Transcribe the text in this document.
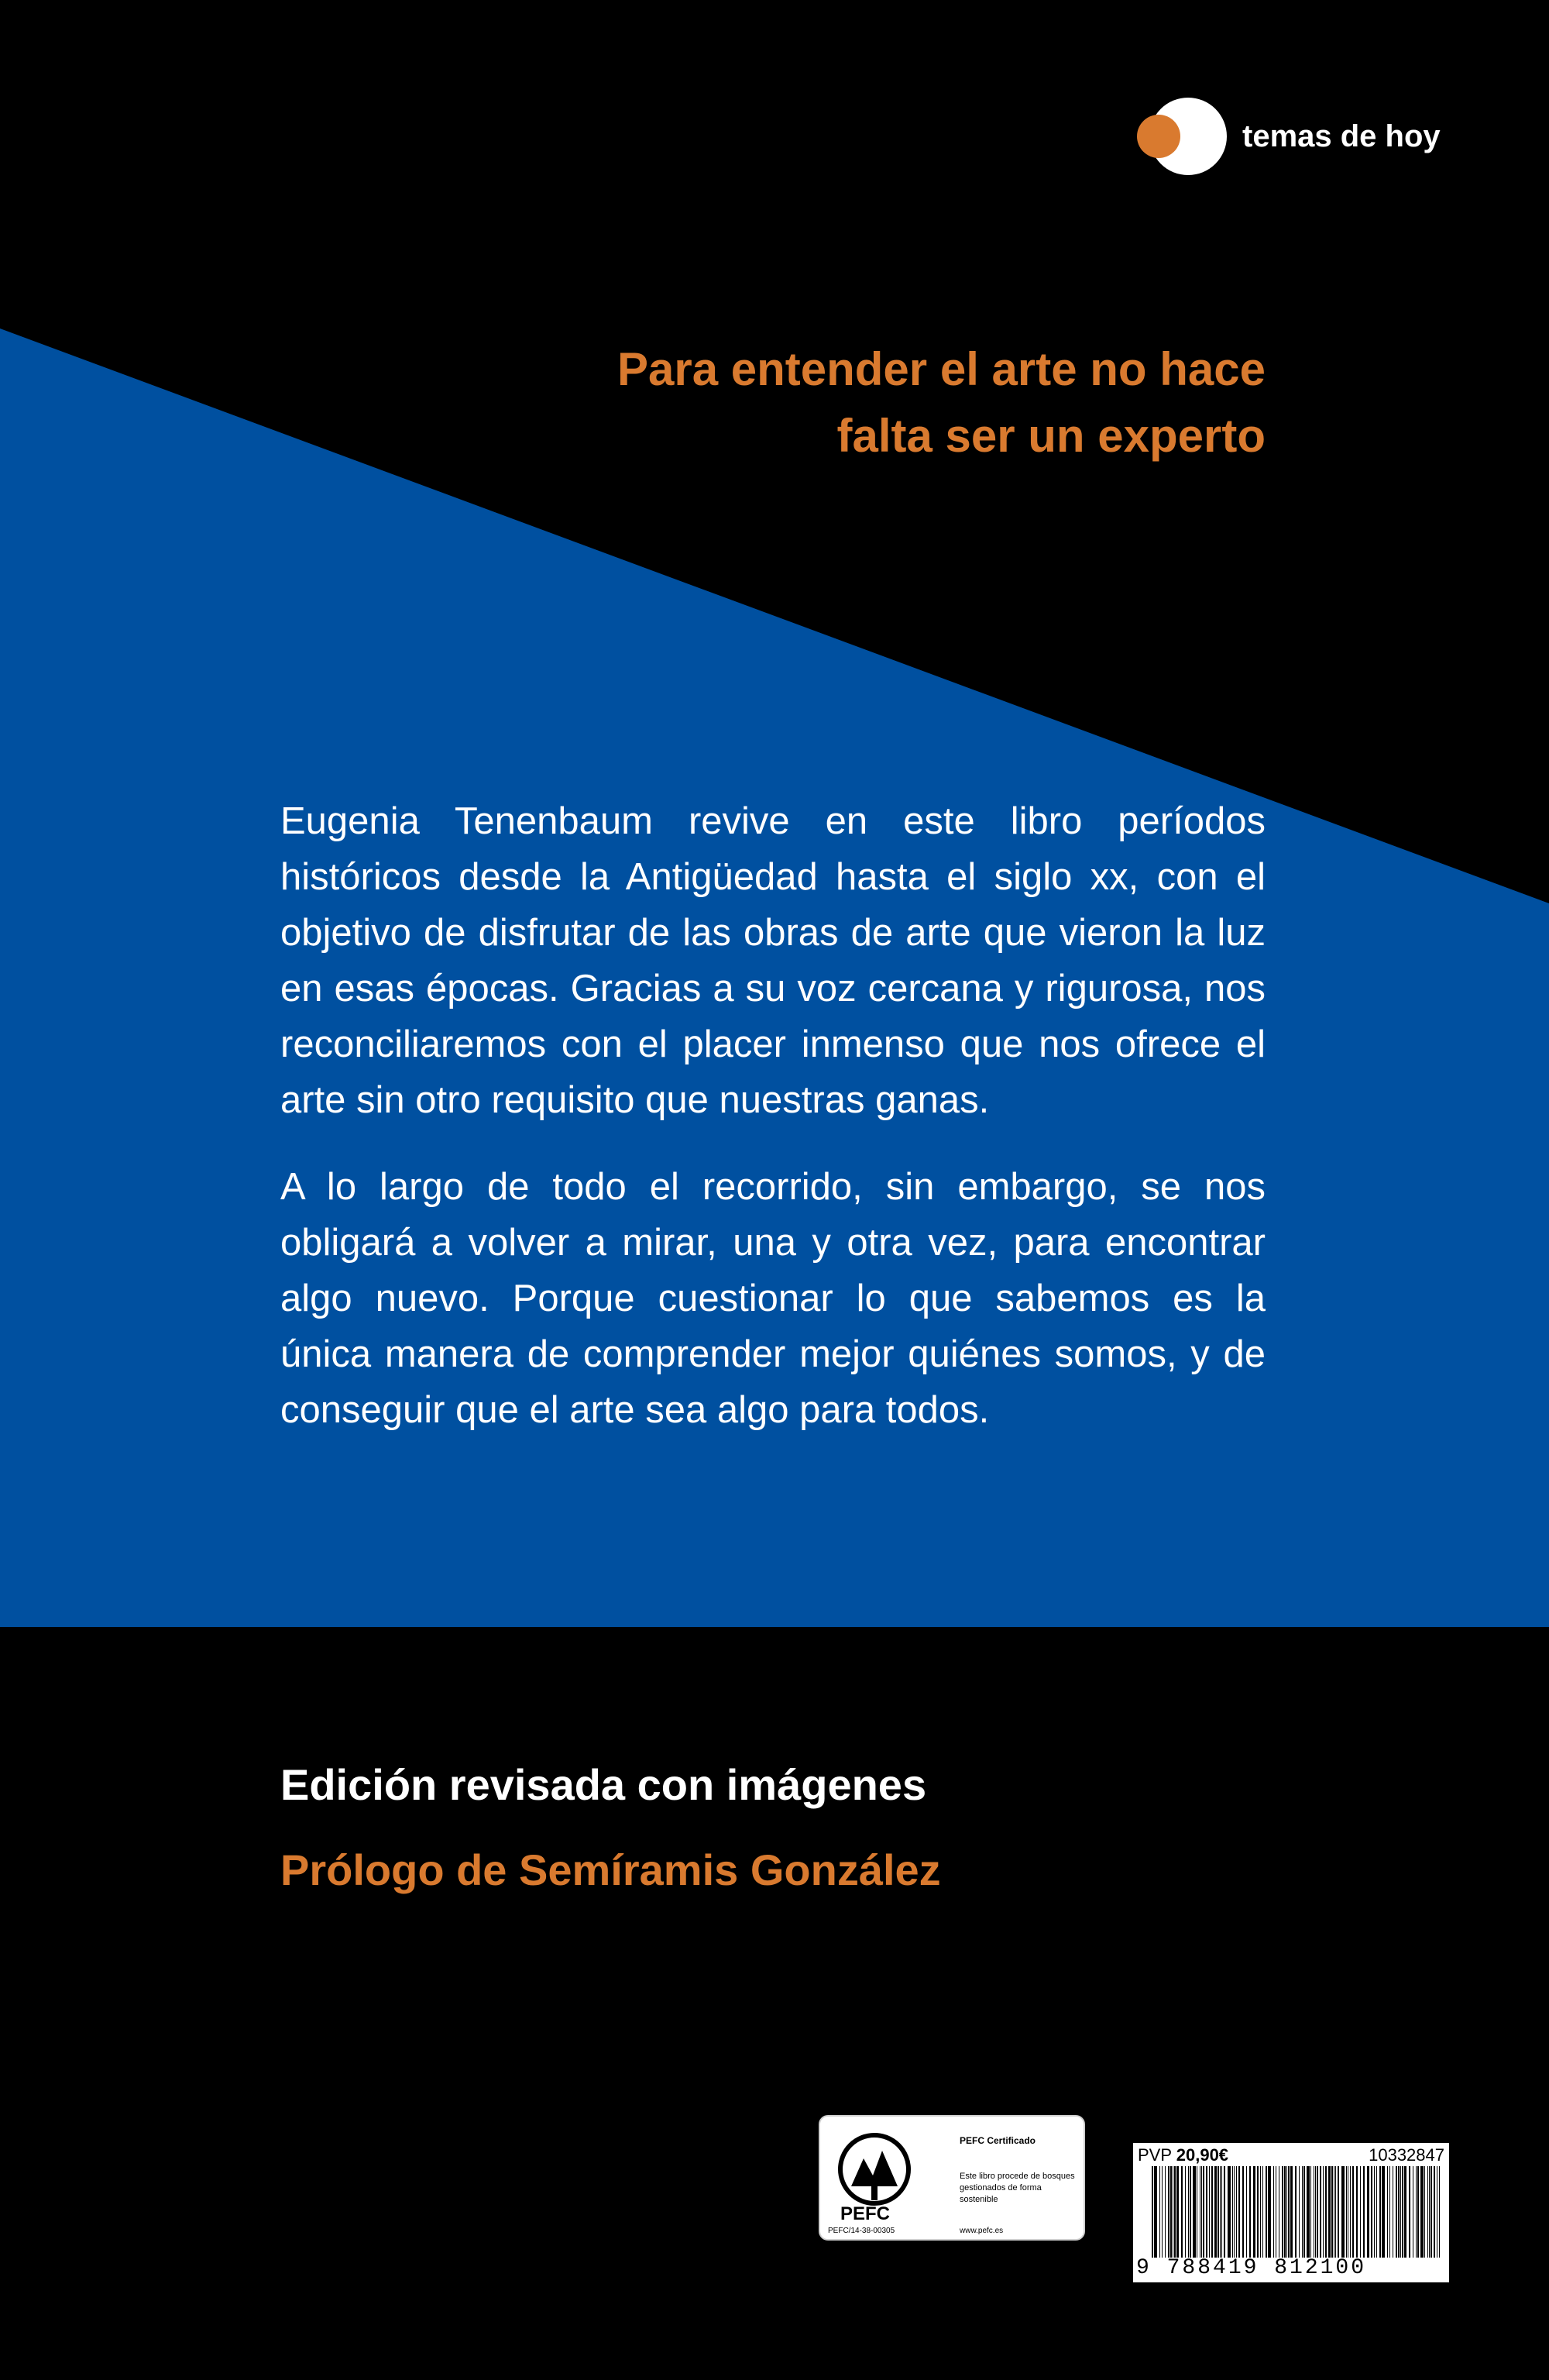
temas de hoy
Para entender el arte no hace
falta ser un experto

Eugenia Tenenbaum revive en este libro períodos históricos desde la Antigüedad hasta el siglo xx, con el objetivo de disfrutar de las obras de arte que vieron la luz en esas épocas. Gracias a su voz cercana y rigurosa, nos reconciliaremos con el placer inmenso que nos ofrece el arte sin otro requisito que nuestras ganas.

A lo largo de todo el recorrido, sin embargo, se nos obligará a volver a mirar, una y otra vez, para encontrar algo nuevo. Porque cuestionar lo que sabemos es la única manera de comprender mejor quiénes somos, y de conseguir que el arte sea algo para todos.

Edición revisada con imágenes
Prólogo de Semíramis González
PEFC
PEFC/14-38-00305
PEFC Certificado
Este libro procede de bosques gestionados de forma sostenible
www.pefc.es
PVP 20,90€	10332847
9 788419 812100
